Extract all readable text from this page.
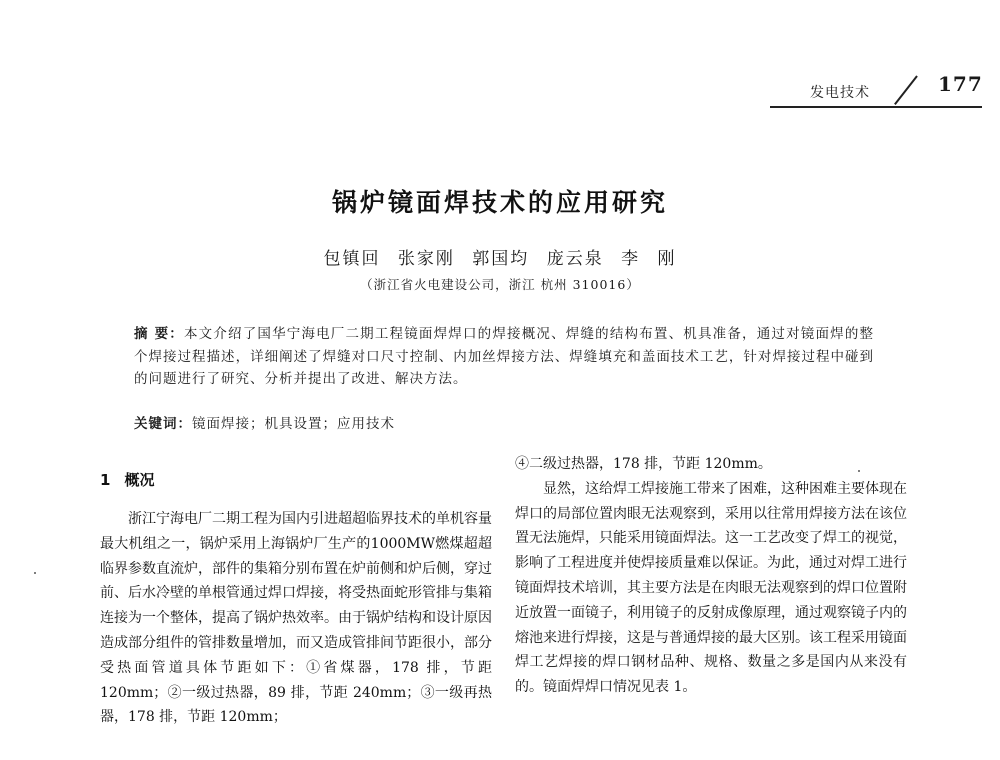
发电技术	177
锅炉镜面焊技术的应用研究
包镇回 张家刚 郭国均 庞云泉 李 刚
（浙江省火电建设公司，浙江 杭州 310016）

摘 要：本文介绍了国华宁海电厂二期工程镜面焊焊口的焊接概况、焊缝的结构布置、机具准备，通过对镜面焊的整个焊接过程描述，详细阐述了焊缝对口尺寸控制、内加丝焊接方法、焊缝填充和盖面技术工艺，针对焊接过程中碰到的问题进行了研究、分析并提出了改进、解决方法。

关键词：镜面焊接；机具设置；应用技术
1 概况

浙江宁海电厂二期工程为国内引进超超临界技术的单机容量最大机组之一，锅炉采用上海锅炉厂生产的1000MW燃煤超超临界参数直流炉，部件的集箱分别布置在炉前侧和炉后侧，穿过前、后水冷壁的单根管通过焊口焊接，将受热面蛇形管排与集箱连接为一个整体，提高了锅炉热效率。由于锅炉结构和设计原因造成部分组件的管排数量增加，而又造成管排间节距很小，部分受热面管道具体节距如下：①省煤器，178 排，节距 120mm；②一级过热器，89 排，节距 240mm；③一级再热器，178 排，节距 120mm；

④二级过热器，178 排，节距 120mm。

显然，这给焊工焊接施工带来了困难，这种困难主要体现在焊口的局部位置肉眼无法观察到，采用以往常用焊接方法在该位置无法施焊，只能采用镜面焊法。这一工艺改变了焊工的视觉，影响了工程进度并使焊接质量难以保证。为此，通过对焊工进行镜面焊技术培训，其主要方法是在肉眼无法观察到的焊口位置附近放置一面镜子，利用镜子的反射成像原理，通过观察镜子内的熔池来进行焊接，这是与普通焊接的最大区别。该工程采用镜面焊工艺焊接的焊口钢材品种、规格、数量之多是国内从来没有的。镜面焊焊口情况见表 1。
